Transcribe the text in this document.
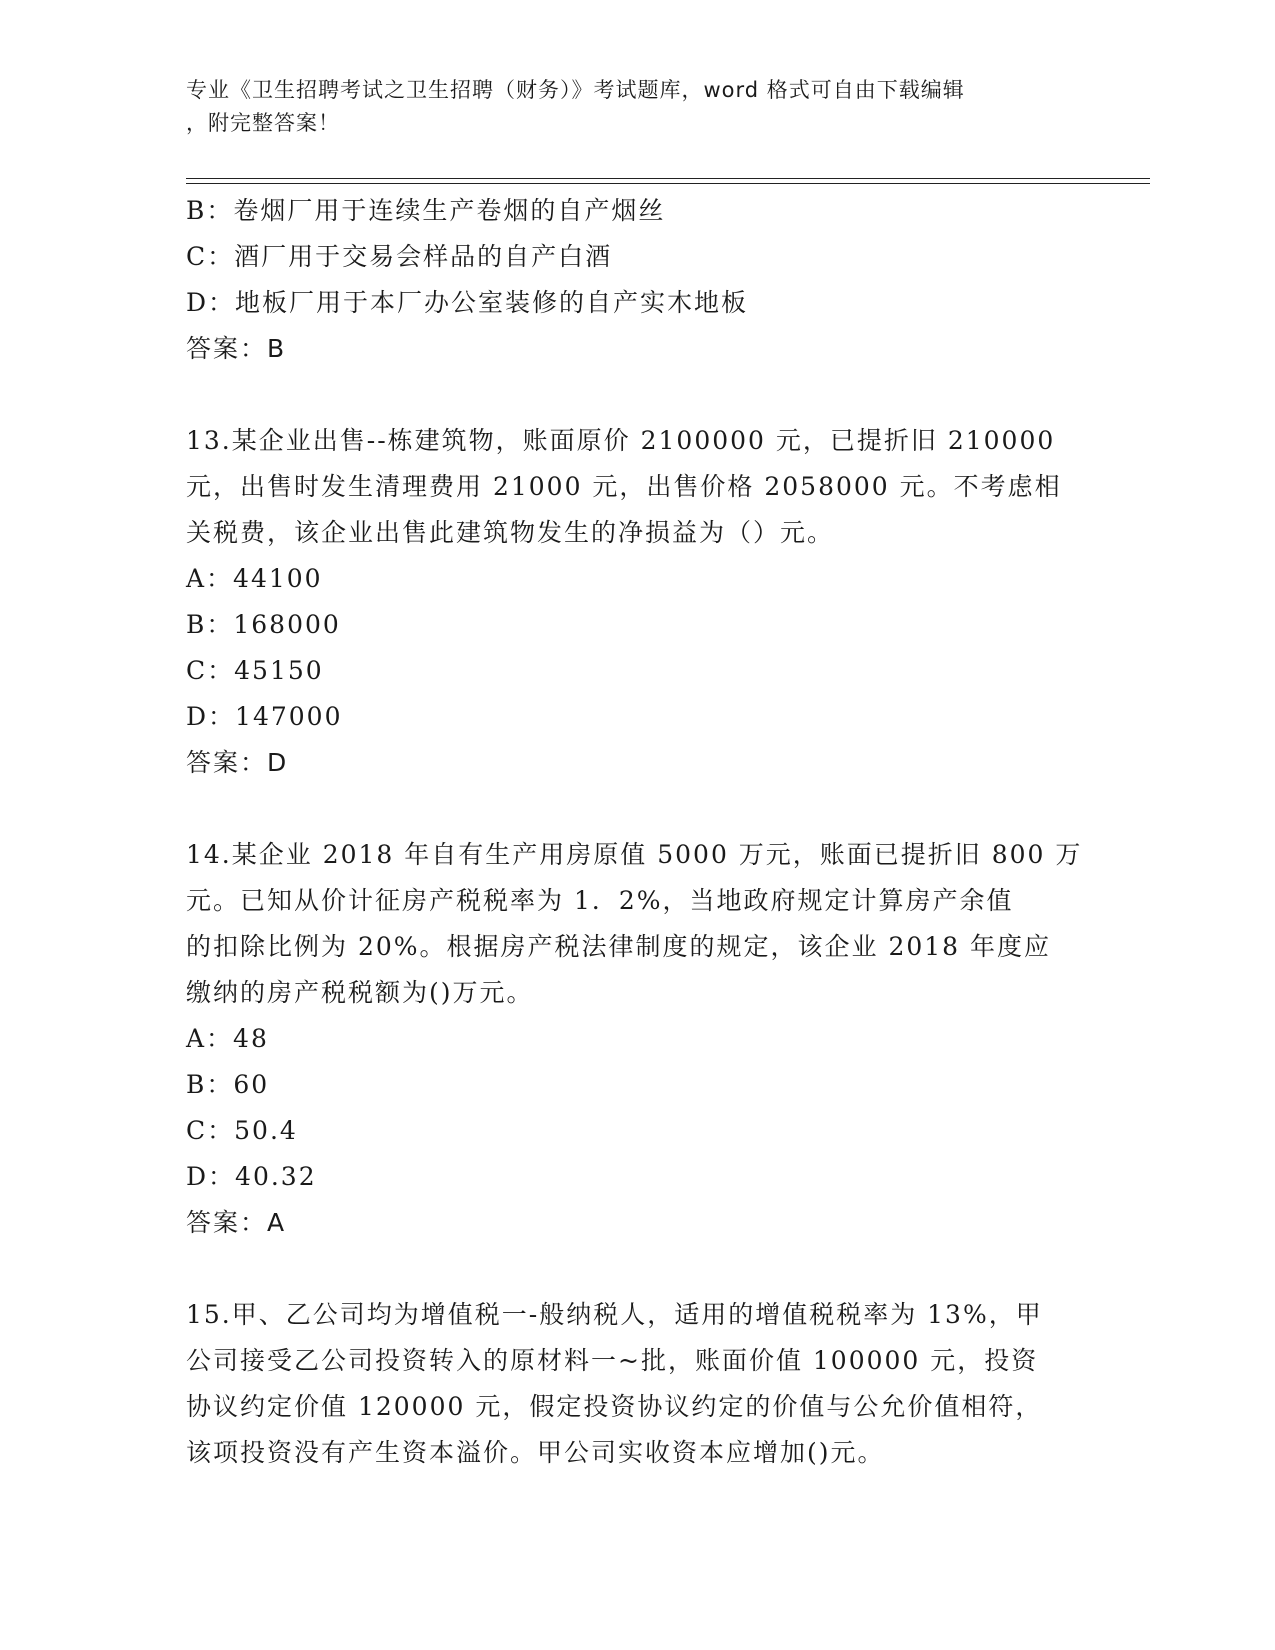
专业《卫生招聘考试之卫生招聘（财务）》考试题库，word 格式可自由下载编辑
，附完整答案！
B：卷烟厂用于连续生产卷烟的自产烟丝
C：酒厂用于交易会样品的自产白酒
D：地板厂用于本厂办公室装修的自产实木地板
答案：B
13.某企业出售--栋建筑物，账面原价 2100000 元，已提折旧 210000
元，出售时发生清理费用 21000 元，出售价格 2058000 元。不考虑相
关税费，该企业出售此建筑物发生的净损益为（）元。
A：44100
B：168000
C：45150
D：147000
答案：D
14.某企业 2018 年自有生产用房原值 5000 万元，账面已提折旧 800 万
元。已知从价计征房产税税率为 1．2%，当地政府规定计算房产余值
的扣除比例为 20%。根据房产税法律制度的规定，该企业 2018 年度应
缴纳的房产税税额为()万元。
A：48
B：60
C：50.4
D：40.32
答案：A
15.甲、乙公司均为增值税一-般纳税人，适用的增值税税率为 13%，甲
公司接受乙公司投资转入的原材料一~批，账面价值 100000 元，投资
协议约定价值 120000 元，假定投资协议约定的价值与公允价值相符，
该项投资没有产生资本溢价。甲公司实收资本应增加()元。
